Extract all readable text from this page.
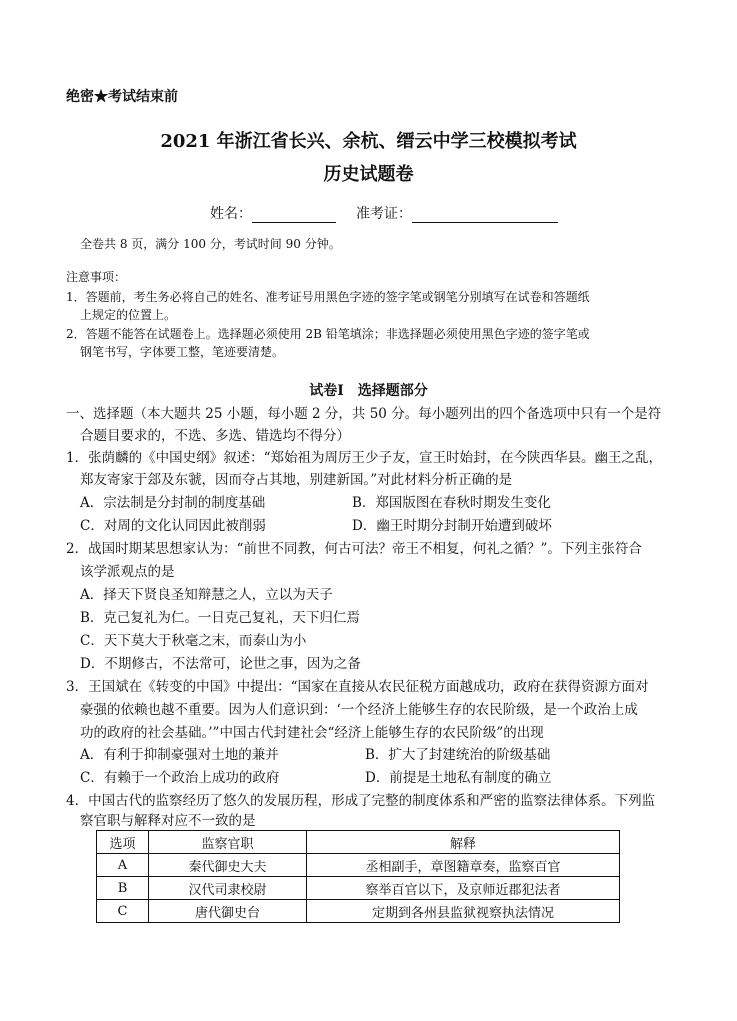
绝密★考试结束前
2021 年浙江省长兴、余杭、缙云中学三校模拟考试
历史试题卷
姓名：	准考证：
全卷共 8 页，满分 100 分，考试时间 90 分钟。
注意事项：
1．答题前，考生务必将自己的姓名、准考证号用黑色字迹的签字笔或钢笔分别填写在试卷和答题纸
上规定的位置上。
2．答题不能答在试题卷上。选择题必须使用 2B 铅笔填涂；非选择题必须使用黑色字迹的签字笔或
钢笔书写，字体要工整，笔迹要清楚。
试卷Ⅰ　选择题部分
一、选择题（本大题共 25 小题，每小题 2 分，共 50 分。每小题列出的四个备选项中只有一个是符
合题目要求的，不选、多选、错选均不得分）
1．张荫麟的《中国史纲》叙述：“郑始祖为周厉王少子友，宣王时始封，在今陕西华县。幽王之乱，
郑友寄家于郐及东虢，因而夺占其地，别建新国。”对此材料分析正确的是
A．宗法制是分封制的制度基础	B．郑国版图在春秋时期发生变化
C．对周的文化认同因此被削弱	D．幽王时期分封制开始遭到破坏
2．战国时期某思想家认为：“前世不同教，何古可法？帝王不相复，何礼之循？”。下列主张符合
该学派观点的是
A．择天下贤良圣知辩慧之人，立以为天子
B．克己复礼为仁。一日克己复礼，天下归仁焉
C．天下莫大于秋毫之末，而泰山为小
D．不期修古，不法常可，论世之事，因为之备
3．王国斌在《转变的中国》中提出：“国家在直接从农民征税方面越成功，政府在获得资源方面对
豪强的依赖也越不重要。因为人们意识到：‘一个经济上能够生存的农民阶级，是一个政治上成
功的政府的社会基础。’”中国古代封建社会“经济上能够生存的农民阶级”的出现
A．有利于抑制豪强对土地的兼并	B．扩大了封建统治的阶级基础
C．有赖于一个政治上成功的政府	D．前提是土地私有制度的确立
4．中国古代的监察经历了悠久的发展历程，形成了完整的制度体系和严密的监察法律体系。下列监
察官职与解释对应不一致的是
选项	监察官职	解释
A	秦代御史大夫	丞相副手，章图籍章奏，监察百官
B	汉代司隶校尉	察举百官以下，及京师近郡犯法者
C	唐代御史台	定期到各州县监狱视察执法情况
